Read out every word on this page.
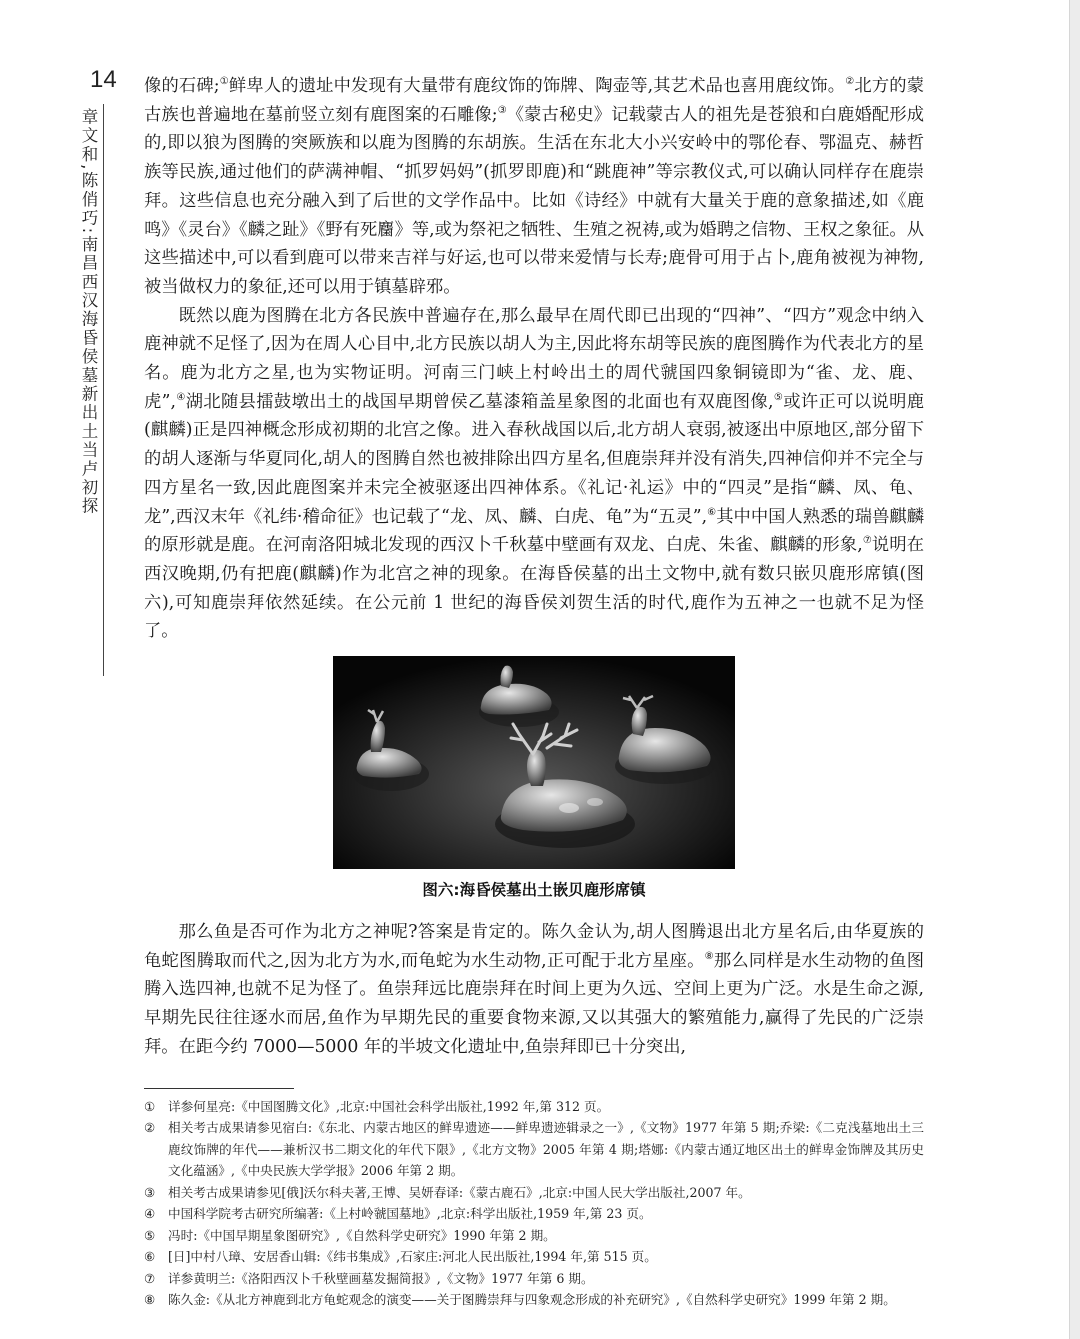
14
章文和,陈俏巧:南昌西汉海昏侯墓新出土当卢初探

像的石碑;①鲜卑人的遗址中发现有大量带有鹿纹饰的饰牌、陶壶等,其艺术品也喜用鹿纹饰。②北方的蒙古族也普遍地在墓前竖立刻有鹿图案的石雕像;③《蒙古秘史》记载蒙古人的祖先是苍狼和白鹿婚配形成的,即以狼为图腾的突厥族和以鹿为图腾的东胡族。生活在东北大小兴安岭中的鄂伦春、鄂温克、赫哲族等民族,通过他们的萨满神帽、“抓罗妈妈”(抓罗即鹿)和“跳鹿神”等宗教仪式,可以确认同样存在鹿崇拜。这些信息也充分融入到了后世的文学作品中。比如《诗经》中就有大量关于鹿的意象描述,如《鹿鸣》《灵台》《麟之趾》《野有死麕》等,或为祭祀之牺牲、生殖之祝祷,或为婚聘之信物、王权之象征。从这些描述中,可以看到鹿可以带来吉祥与好运,也可以带来爱情与长寿;鹿骨可用于占卜,鹿角被视为神物,被当做权力的象征,还可以用于镇墓辟邪。

既然以鹿为图腾在北方各民族中普遍存在,那么最早在周代即已出现的“四神”、“四方”观念中纳入鹿神就不足怪了,因为在周人心目中,北方民族以胡人为主,因此将东胡等民族的鹿图腾作为代表北方的星名。鹿为北方之星,也为实物证明。河南三门峡上村岭出土的周代虢国四象铜镜即为“雀、龙、鹿、虎”,④湖北随县擂鼓墩出土的战国早期曾侯乙墓漆箱盖星象图的北面也有双鹿图像,⑤或许正可以说明鹿(麒麟)正是四神概念形成初期的北宫之像。进入春秋战国以后,北方胡人衰弱,被逐出中原地区,部分留下的胡人逐渐与华夏同化,胡人的图腾自然也被排除出四方星名,但鹿崇拜并没有消失,四神信仰并不完全与四方星名一致,因此鹿图案并未完全被驱逐出四神体系。《礼记·礼运》中的“四灵”是指“麟、凤、龟、龙”,西汉末年《礼纬·稽命征》也记载了“龙、凤、麟、白虎、龟”为“五灵”,⑥其中中国人熟悉的瑞兽麒麟的原形就是鹿。在河南洛阳城北发现的西汉卜千秋墓中壁画有双龙、白虎、朱雀、麒麟的形象,⑦说明在西汉晚期,仍有把鹿(麒麟)作为北宫之神的现象。在海昏侯墓的出土文物中,就有数只嵌贝鹿形席镇(图六),可知鹿崇拜依然延续。在公元前 1 世纪的海昏侯刘贺生活的时代,鹿作为五神之一也就不足为怪了。

图六:海昏侯墓出土嵌贝鹿形席镇

那么鱼是否可作为北方之神呢?答案是肯定的。陈久金认为,胡人图腾退出北方星名后,由华夏族的龟蛇图腾取而代之,因为北方为水,而龟蛇为水生动物,正可配于北方星座。⑧那么同样是水生动物的鱼图腾入选四神,也就不足为怪了。鱼崇拜远比鹿崇拜在时间上更为久远、空间上更为广泛。水是生命之源,早期先民往往逐水而居,鱼作为早期先民的重要食物来源,又以其强大的繁殖能力,赢得了先民的广泛崇拜。在距今约 7000—5000 年的半坡文化遗址中,鱼崇拜即已十分突出,

①	详参何星亮:《中国图腾文化》,北京:中国社会科学出版社,1992 年,第 312 页。
②	相关考古成果请参见宿白:《东北、内蒙古地区的鲜卑遗迹——鲜卑遗迹辑录之一》,《文物》1977 年第 5 期;乔梁:《二克浅墓地出土三鹿纹饰牌的年代——兼析汉书二期文化的年代下限》,《北方文物》2005 年第 4 期;塔娜:《内蒙古通辽地区出土的鲜卑金饰牌及其历史文化蕴涵》,《中央民族大学学报》2006 年第 2 期。
③	相关考古成果请参见[俄]沃尔科夫著,王博、吴妍春译:《蒙古鹿石》,北京:中国人民大学出版社,2007 年。
④	中国科学院考古研究所编著:《上村岭虢国墓地》,北京:科学出版社,1959 年,第 23 页。
⑤	冯时:《中国早期星象图研究》,《自然科学史研究》1990 年第 2 期。
⑥	[日]中村八璋、安居香山辑:《纬书集成》,石家庄:河北人民出版社,1994 年,第 515 页。
⑦	详参黄明兰:《洛阳西汉卜千秋壁画墓发掘简报》,《文物》1977 年第 6 期。
⑧	陈久金:《从北方神鹿到北方龟蛇观念的演变——关于图腾崇拜与四象观念形成的补充研究》,《自然科学史研究》1999 年第 2 期。
